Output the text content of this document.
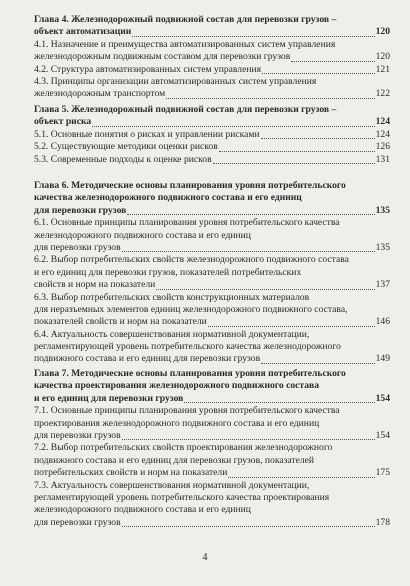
Глава 4. Железнодорожный подвижной состав для перевозки грузов –
объект автоматизации	120
4.1. Назначение и преимущества автоматизированных систем управления
железнодорожным подвижным составом для перевозки грузов	120
4.2. Структура автоматизированных систем управления	121
4.3. Принципы организации автоматизированных систем управления
железнодорожным транспортом	122
Глава 5. Железнодорожный подвижной состав для перевозки грузов –
объект риска	124
5.1. Основные понятия о рисках и управлении рисками	124
5.2. Существующие методики оценки рисков	126
5.3. Современные подходы к оценке рисков	131
Глава 6. Методические основы планирования уровня потребительского
качества железнодорожного подвижного состава и его единиц
для перевозки грузов	135
6.1. Основные принципы планирования уровня потребительского качества
железнодорожного подвижного состава и его единиц
для перевозки грузов	135
6.2. Выбор потребительских свойств железнодорожного подвижного состава
и его единиц для перевозки грузов, показателей потребительских
свойств и норм на показатели	137
6.3. Выбор потребительских свойств конструкционных материалов
для неразъемных элементов единиц железнодорожного подвижного состава,
показателей свойств и норм на показатели	146
6.4. Актуальность совершенствования нормативной документации,
регламентирующей уровень потребительского качества железнодорожного
подвижного состава и его единиц для перевозки грузов	149
Глава 7. Методические основы планирования уровня потребительского
качества проектирования железнодорожного подвижного состава
и его единиц для перевозки грузов	154
7.1. Основные принципы планирования уровня потребительского качества
проектирования железнодорожного подвижного состава и его единиц
для перевозки грузов	154
7.2. Выбор потребительских свойств проектирования железнодорожного
подвижного состава и его единиц для перевозки грузов, показателей
потребительских свойств и норм на показатели	175
7.3. Актуальность совершенствования нормативной документации,
регламентирующей уровень потребительского качества проектирования
железнодорожного подвижного состава и его единиц
для перевозки грузов	178
4
